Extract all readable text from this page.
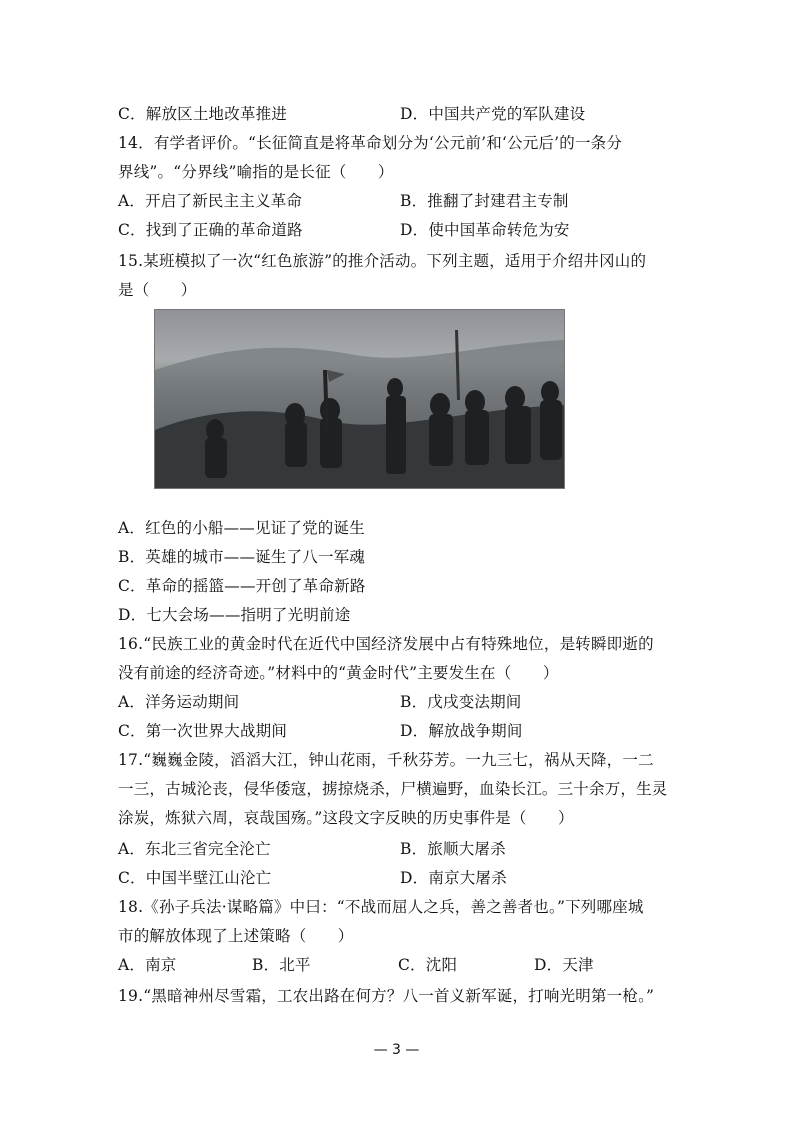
C．解放区土地改革推进	D．中国共产党的军队建设
14．有学者评价。“长征简直是将革命划分为‘公元前’和‘公元后’的一条分
界线”。“分界线”喻指的是长征（　　）
A．开启了新民主主义革命	B．推翻了封建君主专制
C．找到了正确的革命道路	D．使中国革命转危为安
15.某班模拟了一次“红色旅游”的推介活动。下列主题，适用于介绍井冈山的
是（　　）
A．红色的小船——见证了党的诞生
B．英雄的城市——诞生了八一军魂
C．革命的摇篮——开创了革命新路
D．七大会场——指明了光明前途
16.“民族工业的黄金时代在近代中国经济发展中占有特殊地位，是转瞬即逝的
没有前途的经济奇迹。”材料中的“黄金时代”主要发生在（　　）
A．洋务运动期间	B．戊戌变法期间
C．第一次世界大战期间	D．解放战争期间
17.“巍巍金陵，滔滔大江，钟山花雨，千秋芬芳。一九三七，祸从天降，一二
一三，古城沦丧，侵华倭寇，掳掠烧杀，尸横遍野，血染长江。三十余万，生灵
涂炭，炼狱六周，哀哉国殇。”这段文字反映的历史事件是（　　）
A．东北三省完全沦亡	B．旅顺大屠杀
C．中国半壁江山沦亡	D．南京大屠杀
18.《孙子兵法·谋略篇》中曰：“不战而屈人之兵，善之善者也。”下列哪座城
市的解放体现了上述策略（　　）
A．南京	B．北平	C．沈阳	D．天津
19.“黑暗神州尽雪霜，工农出路在何方？八一首义新军诞，打响光明第一枪。”
— 3 —
